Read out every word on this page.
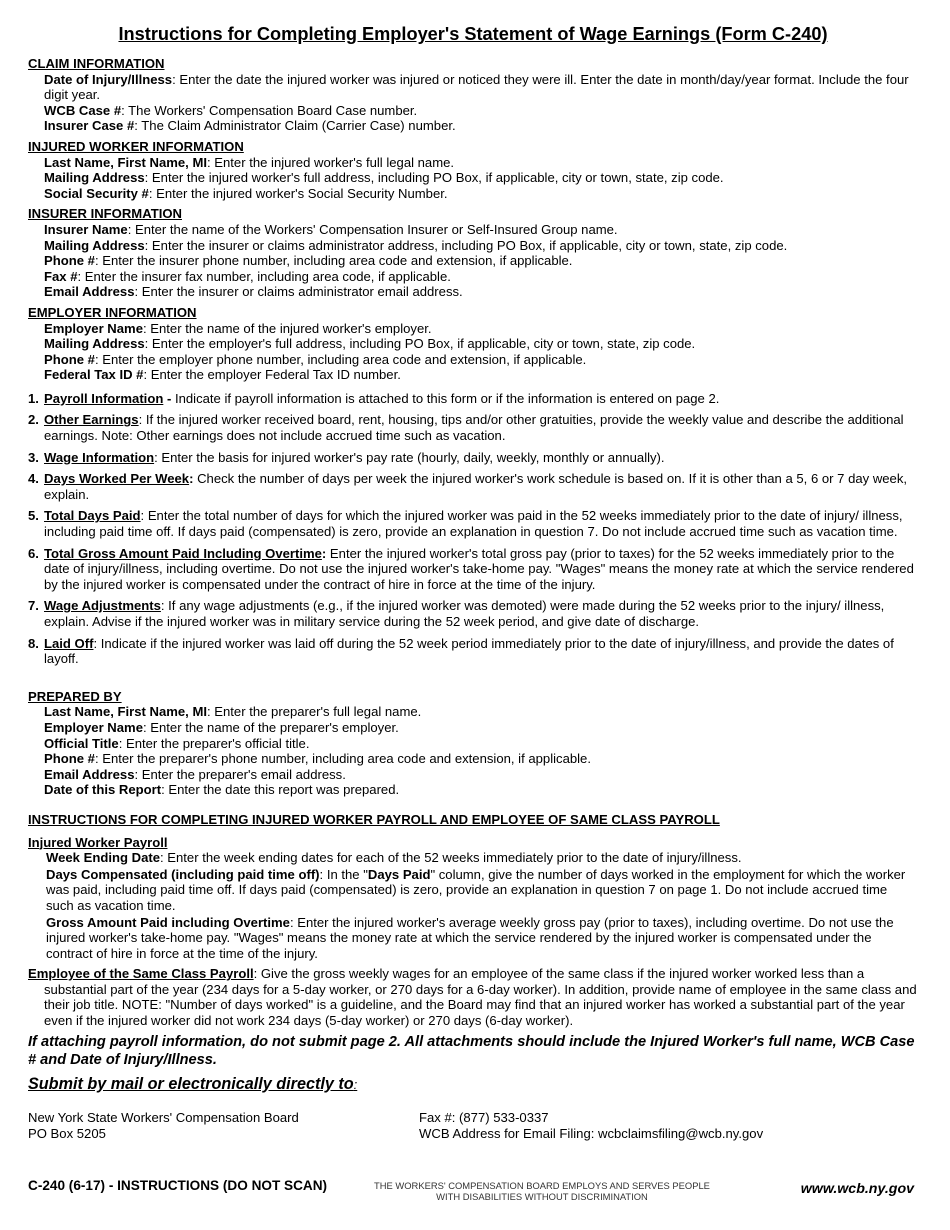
Instructions for Completing Employer's Statement of Wage Earnings (Form C-240)
CLAIM INFORMATION
Date of Injury/Illness: Enter the date the injured worker was injured or noticed they were ill. Enter the date in month/day/year format. Include the four digit year.
WCB Case #: The Workers' Compensation Board Case number.
Insurer Case #: The Claim Administrator Claim (Carrier Case) number.
INJURED WORKER INFORMATION
Last Name, First Name, MI: Enter the injured worker's full legal name.
Mailing Address: Enter the injured worker's full address, including PO Box, if applicable, city or town, state, zip code.
Social Security #: Enter the injured worker's Social Security Number.
INSURER INFORMATION
Insurer Name: Enter the name of the Workers' Compensation Insurer or Self-Insured Group name.
Mailing Address: Enter the insurer or claims administrator address, including PO Box, if applicable, city or town, state, zip code.
Phone #: Enter the insurer phone number, including area code and extension, if applicable.
Fax #: Enter the insurer fax number, including area code, if applicable.
Email Address: Enter the insurer or claims administrator email address.
EMPLOYER INFORMATION
Employer Name: Enter the name of the injured worker's employer.
Mailing Address: Enter the employer's full address, including PO Box, if applicable, city or town, state, zip code.
Phone #: Enter the employer phone number, including area code and extension, if applicable.
Federal Tax ID #: Enter the employer Federal Tax ID number.
1. Payroll Information - Indicate if payroll information is attached to this form or if the information is entered on page 2.
2. Other Earnings: If the injured worker received board, rent, housing, tips and/or other gratuities, provide the weekly value and describe the additional earnings. Note: Other earnings does not include accrued time such as vacation.
3. Wage Information: Enter the basis for injured worker's pay rate (hourly, daily, weekly, monthly or annually).
4. Days Worked Per Week: Check the number of days per week the injured worker's work schedule is based on. If it is other than a 5, 6 or 7 day week, explain.
5. Total Days Paid: Enter the total number of days for which the injured worker was paid in the 52 weeks immediately prior to the date of injury/ illness, including paid time off. If days paid (compensated) is zero, provide an explanation in question 7. Do not include accrued time such as vacation time.
6. Total Gross Amount Paid Including Overtime: Enter the injured worker's total gross pay (prior to taxes) for the 52 weeks immediately prior to the date of injury/illness, including overtime. Do not use the injured worker's take-home pay. "Wages" means the money rate at which the service rendered by the injured worker is compensated under the contract of hire in force at the time of the injury.
7. Wage Adjustments: If any wage adjustments (e.g., if the injured worker was demoted) were made during the 52 weeks prior to the injury/ illness, explain. Advise if the injured worker was in military service during the 52 week period, and give date of discharge.
8. Laid Off: Indicate if the injured worker was laid off during the 52 week period immediately prior to the date of injury/illness, and provide the dates of layoff.
PREPARED BY
Last Name, First Name, MI: Enter the preparer's full legal name.
Employer Name: Enter the name of the preparer's employer.
Official Title: Enter the preparer's official title.
Phone #: Enter the preparer's phone number, including area code and extension, if applicable.
Email Address: Enter the preparer's email address.
Date of this Report: Enter the date this report was prepared.
INSTRUCTIONS FOR COMPLETING INJURED WORKER PAYROLL AND EMPLOYEE OF SAME CLASS PAYROLL
Injured Worker Payroll
Week Ending Date: Enter the week ending dates for each of the 52 weeks immediately prior to the date of injury/illness.
Days Compensated (including paid time off): In the "Days Paid" column, give the number of days worked in the employment for which the worker was paid, including paid time off. If days paid (compensated) is zero, provide an explanation in question 7 on page 1. Do not include accrued time such as vacation time.
Gross Amount Paid including Overtime: Enter the injured worker's average weekly gross pay (prior to taxes), including overtime. Do not use the injured worker's take-home pay. "Wages" means the money rate at which the service rendered by the injured worker is compensated under the contract of hire in force at the time of the injury.
Employee of the Same Class Payroll: Give the gross weekly wages for an employee of the same class if the injured worker worked less than a substantial part of the year (234 days for a 5-day worker, or 270 days for a 6-day worker). In addition, provide name of employee in the same class and their job title. NOTE: "Number of days worked" is a guideline, and the Board may find that an injured worker has worked a substantial part of the year even if the injured worker did not work 234 days (5-day worker) or 270 days (6-day worker).
If attaching payroll information, do not submit page 2. All attachments should include the Injured Worker's full name, WCB Case # and Date of Injury/Illness.
Submit by mail or electronically directly to:
New York State Workers' Compensation Board
PO Box 5205
Fax #: (877) 533-0337
WCB Address for Email Filing: wcbclaimsfiling@wcb.ny.gov
C-240 (6-17) - INSTRUCTIONS (DO NOT SCAN)	THE WORKERS' COMPENSATION BOARD EMPLOYS AND SERVES PEOPLE
WITH DISABILITIES WITHOUT DISCRIMINATION	www.wcb.ny.gov
